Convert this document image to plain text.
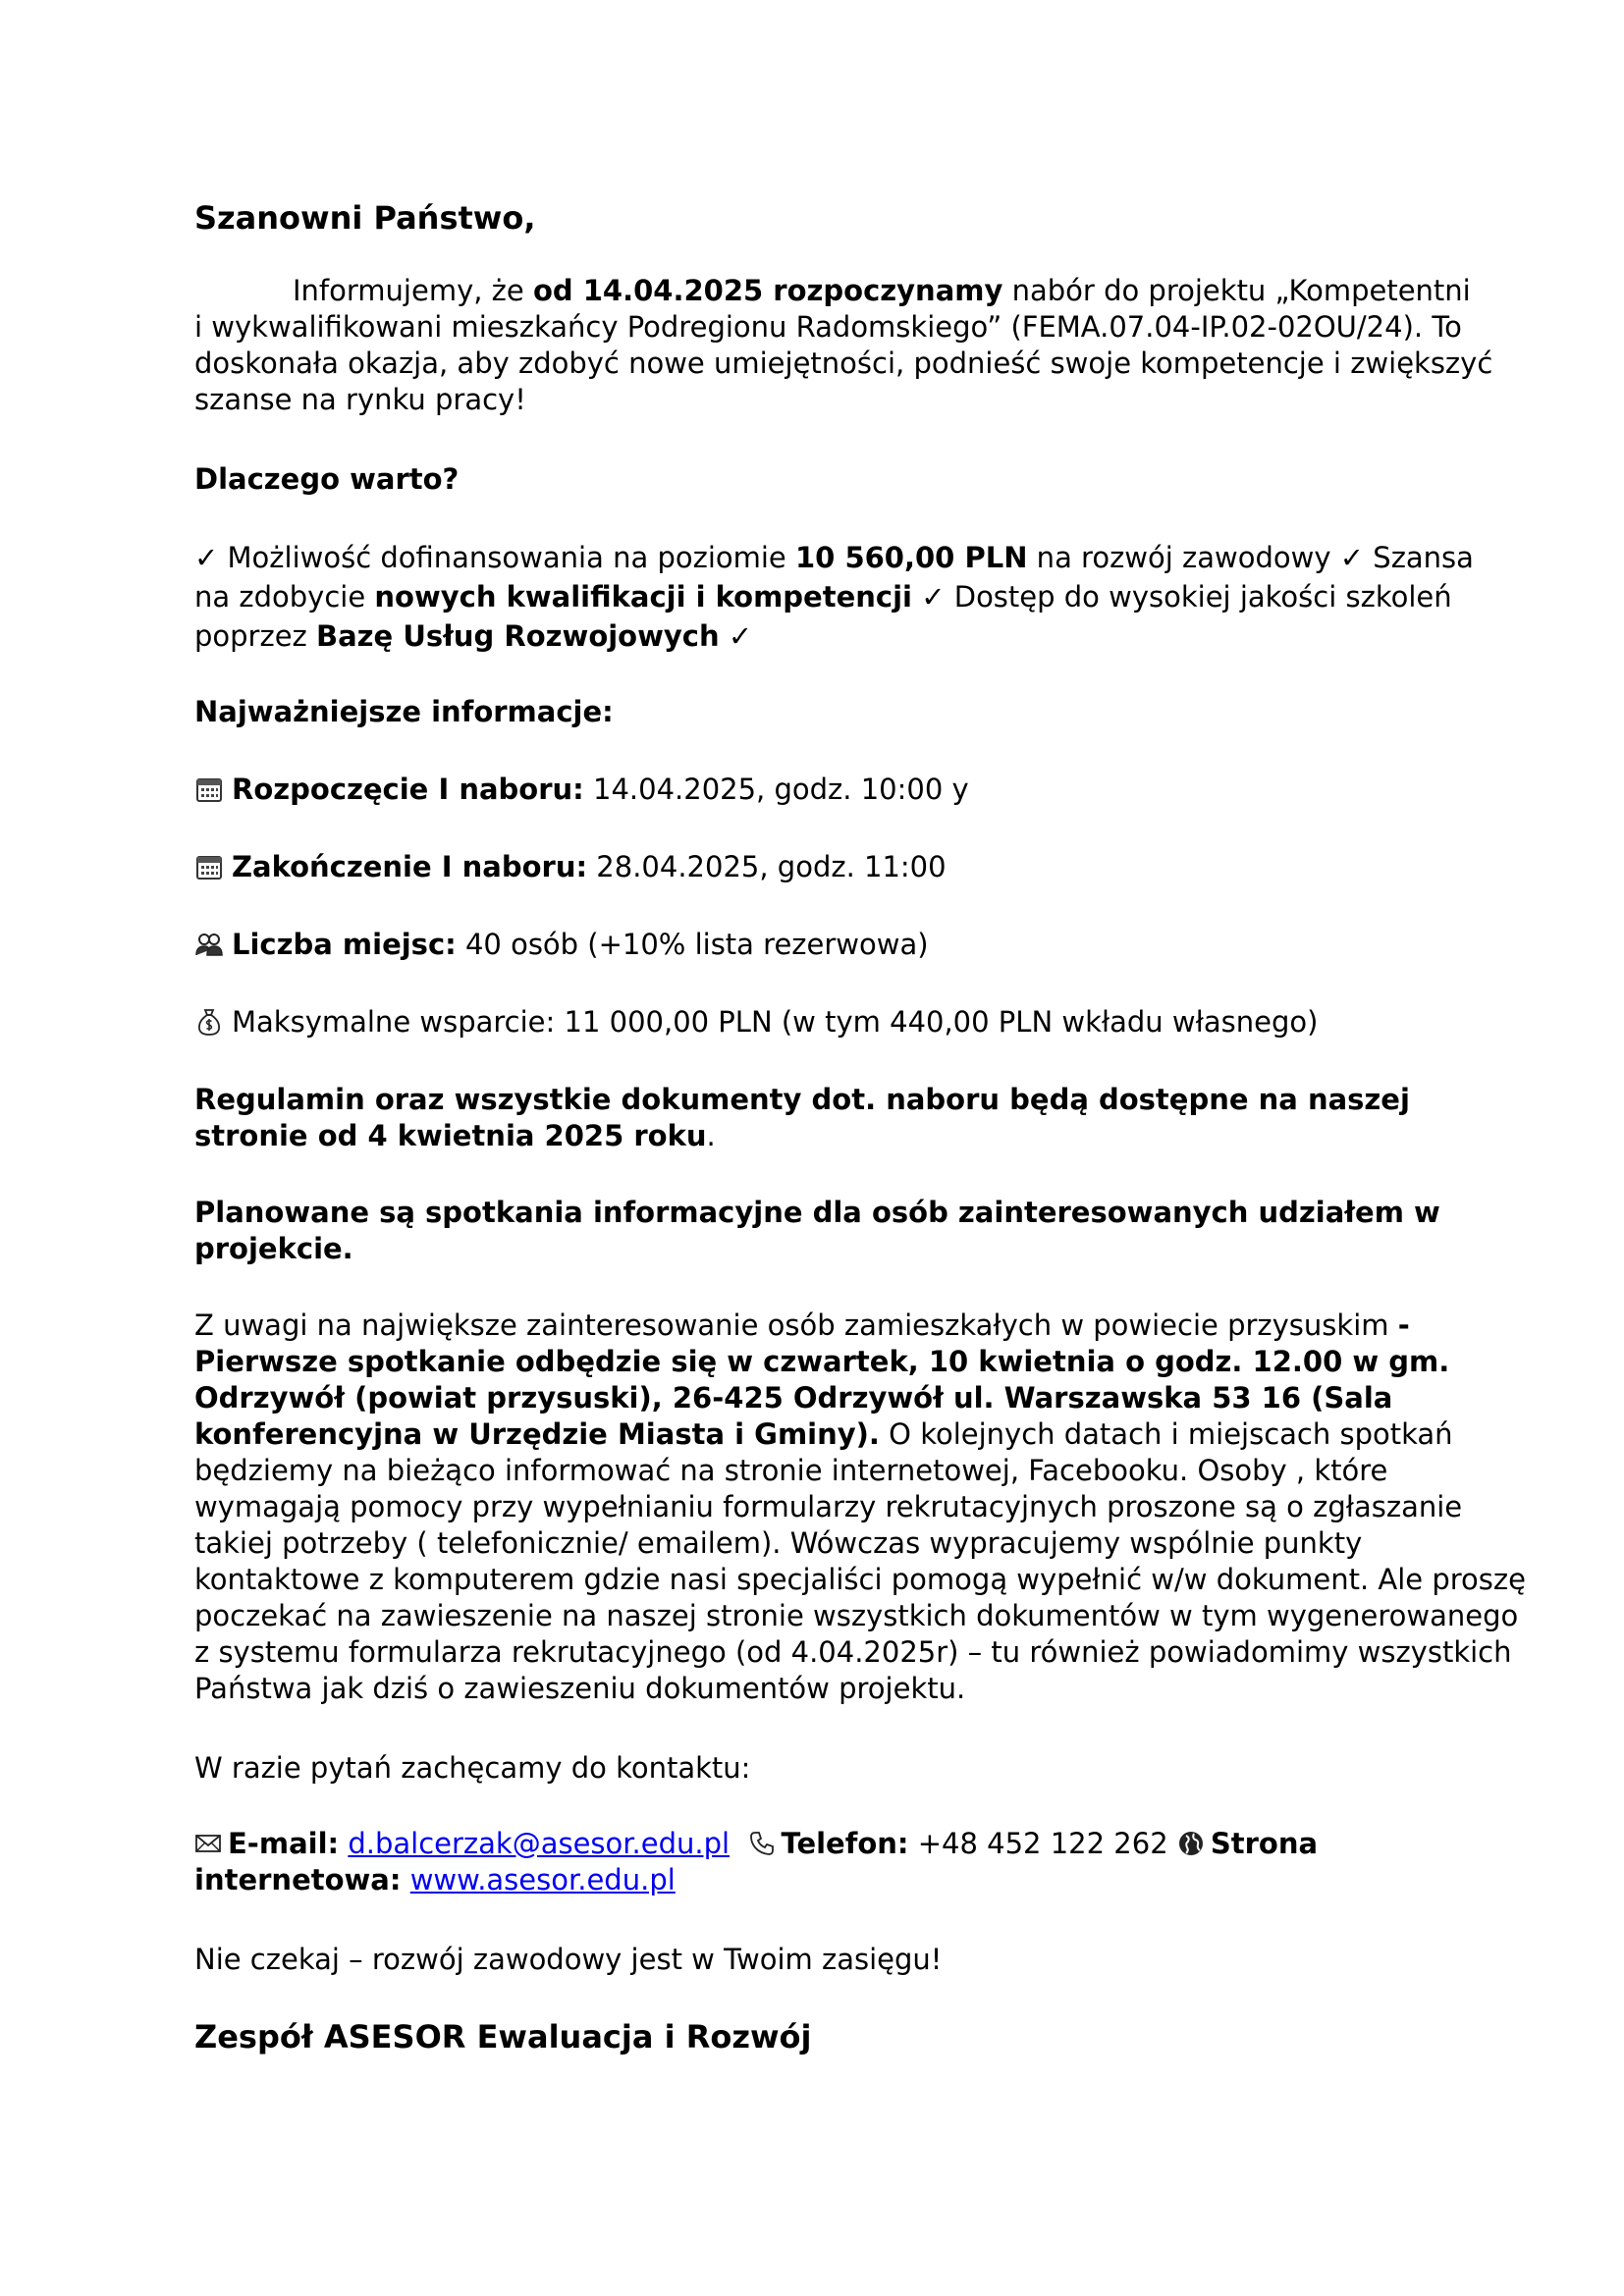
Szanowni Państwo,

Informujemy, że od 14.04.2025 rozpoczynamy nabór do projektu „Kompetentni
i wykwalifikowani mieszkańcy Podregionu Radomskiego” (FEMA.07.04-IP.02-02OU/24). To
doskonała okazja, aby zdobyć nowe umiejętności, podnieść swoje kompetencje i zwiększyć
szanse na rynku pracy!

Dlaczego warto?

✓ Możliwość dofinansowania na poziomie 10 560,00 PLN na rozwój zawodowy ✓ Szansa
na zdobycie nowych kwalifikacji i kompetencji ✓ Dostęp do wysokiej jakości szkoleń
poprzez Bazę Usług Rozwojowych ✓

Najważniejsze informacje:

Rozpoczęcie I naboru: 14.04.2025, godz. 10:00 y

Zakończenie I naboru: 28.04.2025, godz. 11:00

Liczba miejsc: 40 osób (+10% lista rezerwowa)

Maksymalne wsparcie: 11 000,00 PLN (w tym 440,00 PLN wkładu własnego)

Regulamin oraz wszystkie dokumenty dot. naboru będą dostępne na naszej
stronie od 4 kwietnia 2025 roku.
Planowane są spotkania informacyjne dla osób zainteresowanych udziałem w
projekcie.
Z uwagi na największe zainteresowanie osób zamieszkałych w powiecie przysuskim -
Pierwsze spotkanie odbędzie się w czwartek, 10 kwietnia o godz. 12.00 w gm.
Odrzywół (powiat przysuski), 26-425 Odrzywół ul. Warszawska 53 16 (Sala
konferencyjna w Urzędzie Miasta i Gminy). O kolejnych datach i miejscach spotkań
będziemy na bieżąco informować na stronie internetowej, Facebooku. Osoby , które
wymagają pomocy przy wypełnianiu formularzy rekrutacyjnych proszone są o zgłaszanie
takiej potrzeby ( telefonicznie/ emailem). Wówczas wypracujemy wspólnie punkty
kontaktowe z komputerem gdzie nasi specjaliści pomogą wypełnić w/w dokument. Ale proszę
poczekać na zawieszenie na naszej stronie wszystkich dokumentów w tym wygenerowanego
z systemu formularza rekrutacyjnego (od 4.04.2025r) – tu również powiadomimy wszystkich
Państwa jak dziś o zawieszeniu dokumentów projektu.

W razie pytań zachęcamy do kontaktu:

E-mail: d.balcerzak@asesor.edu.pl Telefon: +48 452 122 262 Strona
internetowa: www.asesor.edu.pl

Nie czekaj – rozwój zawodowy jest w Twoim zasięgu!

Zespół ASESOR Ewaluacja i Rozwój
